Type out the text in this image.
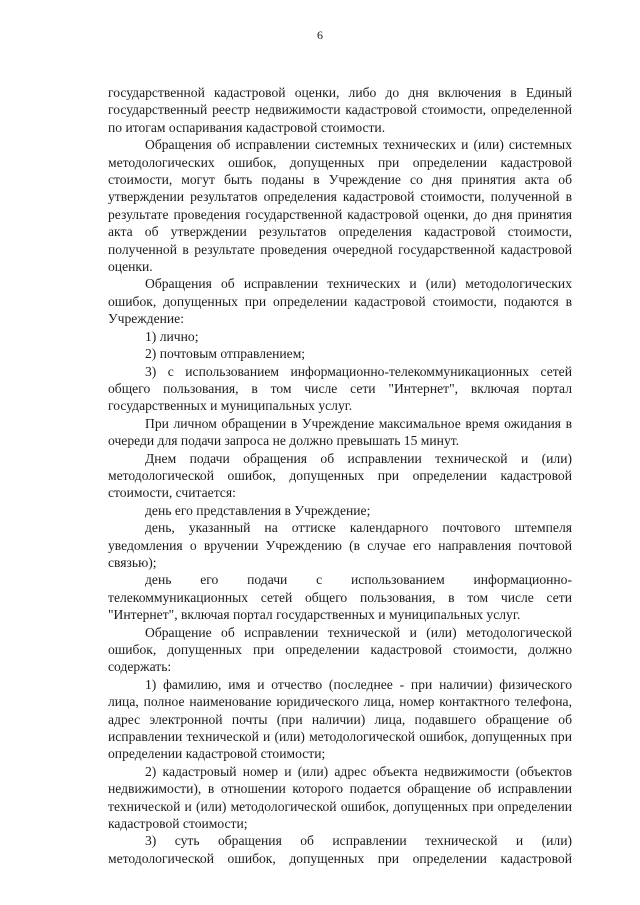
6

государственной кадастровой оценки, либо до дня включения в Единый государственный реестр недвижимости кадастровой стоимости, определенной по итогам оспаривания кадастровой стоимости.

Обращения об исправлении системных технических и (или) системных методологических ошибок, допущенных при определении кадастровой стоимости, могут быть поданы в Учреждение со дня принятия акта об утверждении результатов определения кадастровой стоимости, полученной в результате проведения государственной кадастровой оценки, до дня принятия акта об утверждении результатов определения кадастровой стоимости, полученной в результате проведения очередной государственной кадастровой оценки.

Обращения об исправлении технических и (или) методологических ошибок, допущенных при определении кадастровой стоимости, подаются в Учреждение:

1) лично;

2) почтовым отправлением;

3) с использованием информационно-телекоммуникационных сетей общего пользования, в том числе сети "Интернет", включая портал государственных и муниципальных услуг.

При личном обращении в Учреждение максимальное время ожидания в очереди для подачи запроса не должно превышать 15 минут.

Днем подачи обращения об исправлении технической и (или) методологической ошибок, допущенных при определении кадастровой стоимости, считается:

день его представления в Учреждение;

день, указанный на оттиске календарного почтового штемпеля уведомления о вручении Учреждению (в случае его направления почтовой связью);

день его подачи с использованием информационно-телекоммуникационных сетей общего пользования, в том числе сети "Интернет", включая портал государственных и муниципальных услуг.

Обращение об исправлении технической и (или) методологической ошибок, допущенных при определении кадастровой стоимости, должно содержать:

1) фамилию, имя и отчество (последнее - при наличии) физического лица, полное наименование юридического лица, номер контактного телефона, адрес электронной почты (при наличии) лица, подавшего обращение об исправлении технической и (или) методологической ошибок, допущенных при определении кадастровой стоимости;

2) кадастровый номер и (или) адрес объекта недвижимости (объектов недвижимости), в отношении которого подается обращение об исправлении технической и (или) методологической ошибок, допущенных при определении кадастровой стоимости;

3) суть обращения об исправлении технической и (или) методологической ошибок, допущенных при определении кадастровой
